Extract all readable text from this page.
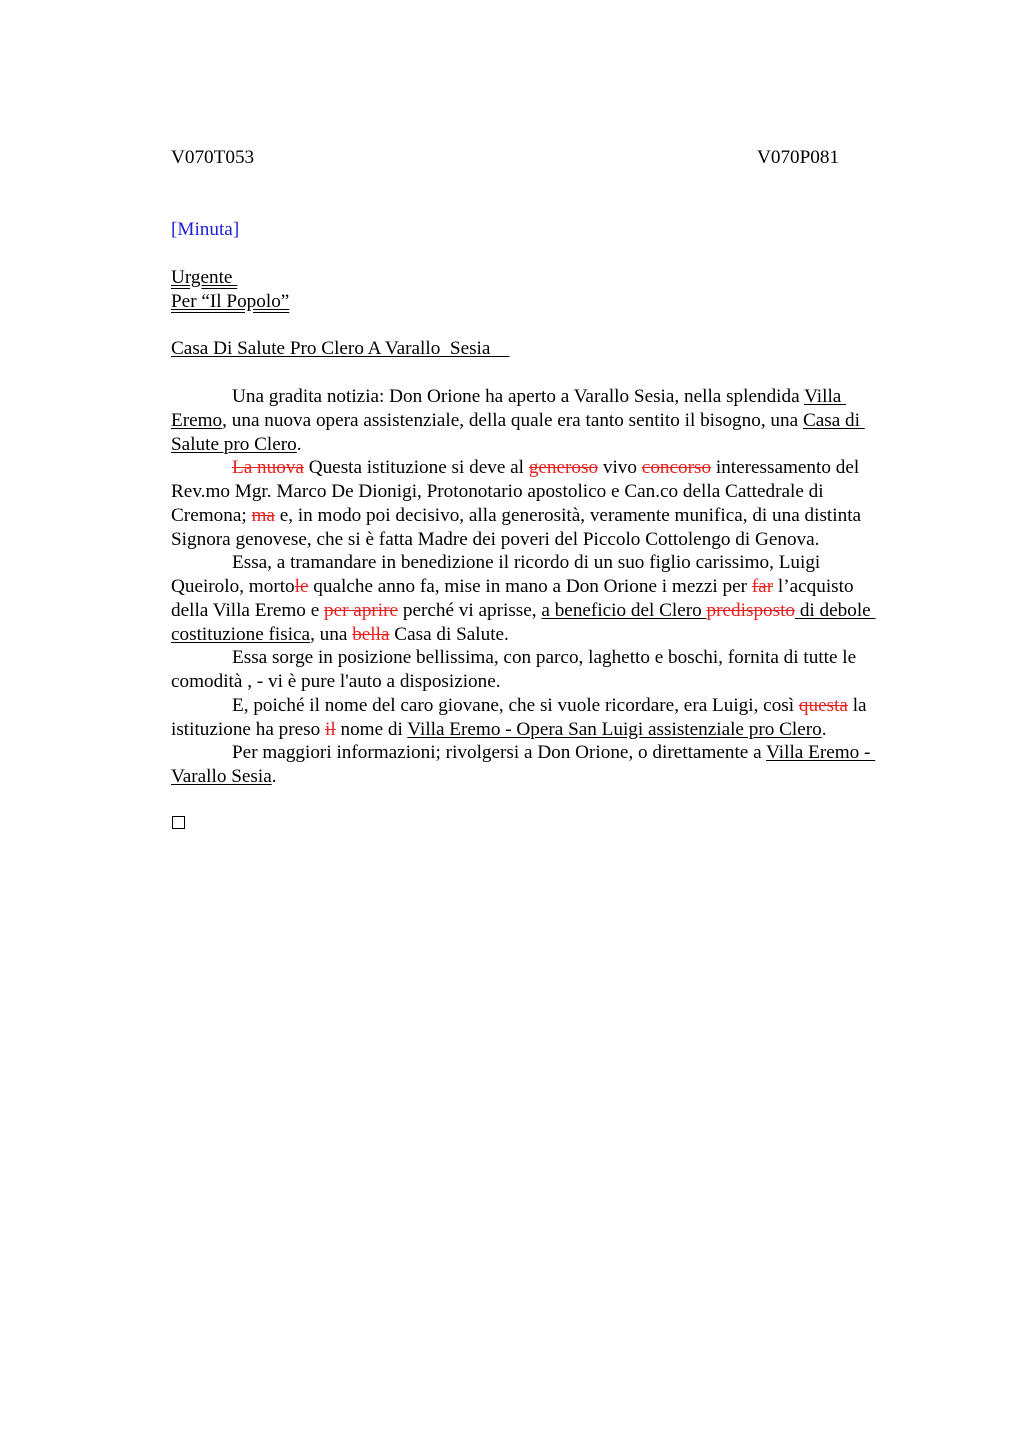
V070T053	V070P081
[Minuta]
Urgente
Per “Il Popolo”
Casa Di Salute Pro Clero A Varallo  Sesia
Una gradita notizia: Don Orione ha aperto a Varallo Sesia, nella splendida Villa
Eremo, una nuova opera assistenziale, della quale era tanto sentito il bisogno, una Casa di
Salute pro Clero.
La nuova Questa istituzione si deve al generoso vivo concorso interessamento del
Rev.mo Mgr. Marco De Dionigi, Protonotario apostolico e Can.co della Cattedrale di
Cremona; ma e, in modo poi decisivo, alla generosità, veramente munifica, di una distinta
Signora genovese, che si è fatta Madre dei poveri del Piccolo Cottolengo di Genova.
Essa, a tramandare in benedizione il ricordo di un suo figlio carissimo, Luigi
Queirolo, mortole qualche anno fa, mise in mano a Don Orione i mezzi per far l’acquisto
della Villa Eremo e per aprire perché vi aprisse, a beneficio del Clero predisposto di debole
costituzione fisica, una bella Casa di Salute.
Essa sorge in posizione bellissima, con parco, laghetto e boschi, fornita di tutte le
comodità , - vi è pure l'auto a disposizione.
E, poiché il nome del caro giovane, che si vuole ricordare, era Luigi, così questa la
istituzione ha preso il nome di Villa Eremo - Opera San Luigi assistenziale pro Clero.
Per maggiori informazioni; rivolgersi a Don Orione, o direttamente a Villa Eremo -
Varallo Sesia.
